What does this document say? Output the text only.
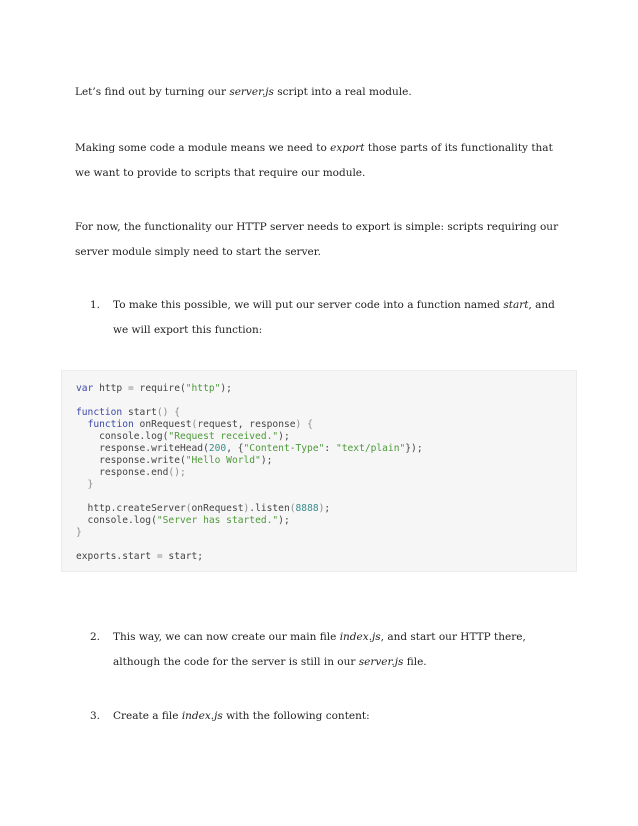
Let’s find out by turning our server.js script into a real module.

Making some code a module means we need to export those parts of its functionality that we want to provide to scripts that require our module.

For now, the functionality our HTTP server needs to export is simple: scripts requiring our server module simply need to start the server.

1. To make this possible, we will put our server code into a function named start, and we will export this function:
var http = require("http");
function start() {
function onRequest(request, response) {
console.log("Request received.");
response.writeHead(200, {"Content-Type": "text/plain"});
response.write("Hello World");
response.end();
}
http.createServer(onRequest).listen(8888);
console.log("Server has started.");
}
exports.start = start;
2. This way, we can now create our main file index.js, and start our HTTP there, although the code for the server is still in our server.js file.
3. Create a file index.js with the following content:
